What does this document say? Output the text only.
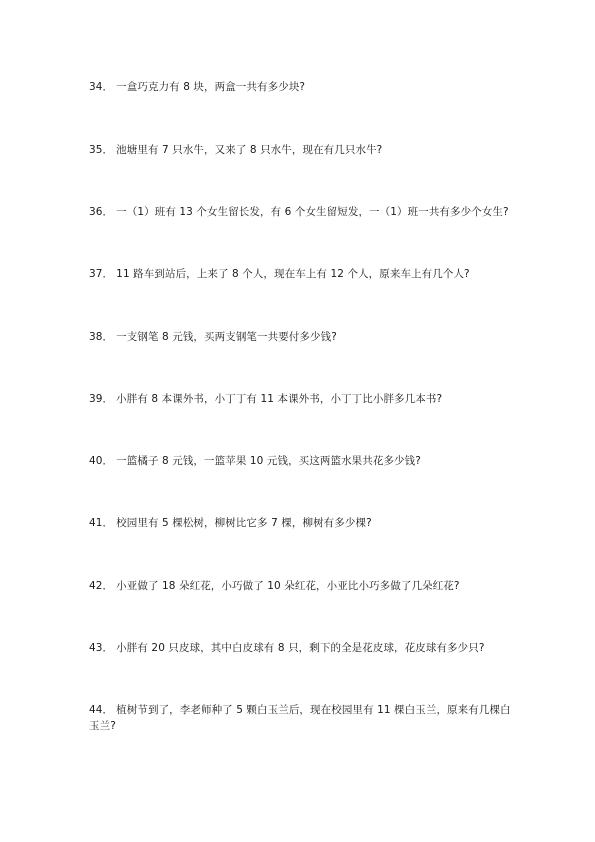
34． 一盒巧克力有 8 块，两盒一共有多少块?
35． 池塘里有 7 只水牛，又来了 8 只水牛，现在有几只水牛?
36． 一（1）班有 13 个女生留长发，有 6 个女生留短发，一（1）班一共有多少个女生?
37． 11 路车到站后，上来了 8 个人，现在车上有 12 个人，原来车上有几个人?
38． 一支钢笔 8 元钱，买两支钢笔一共要付多少钱?
39． 小胖有 8 本课外书，小丁丁有 11 本课外书，小丁丁比小胖多几本书?
40． 一篮橘子 8 元钱，一篮苹果 10 元钱，买这两篮水果共花多少钱?
41． 校园里有 5 棵松树，柳树比它多 7 棵，柳树有多少棵?
42． 小亚做了 18 朵红花，小巧做了 10 朵红花，小亚比小巧多做了几朵红花?
43． 小胖有 20 只皮球，其中白皮球有 8 只，剩下的全是花皮球，花皮球有多少只?
44． 植树节到了，李老师种了 5 颗白玉兰后，现在校园里有 11 棵白玉兰，原来有几棵白玉兰?
